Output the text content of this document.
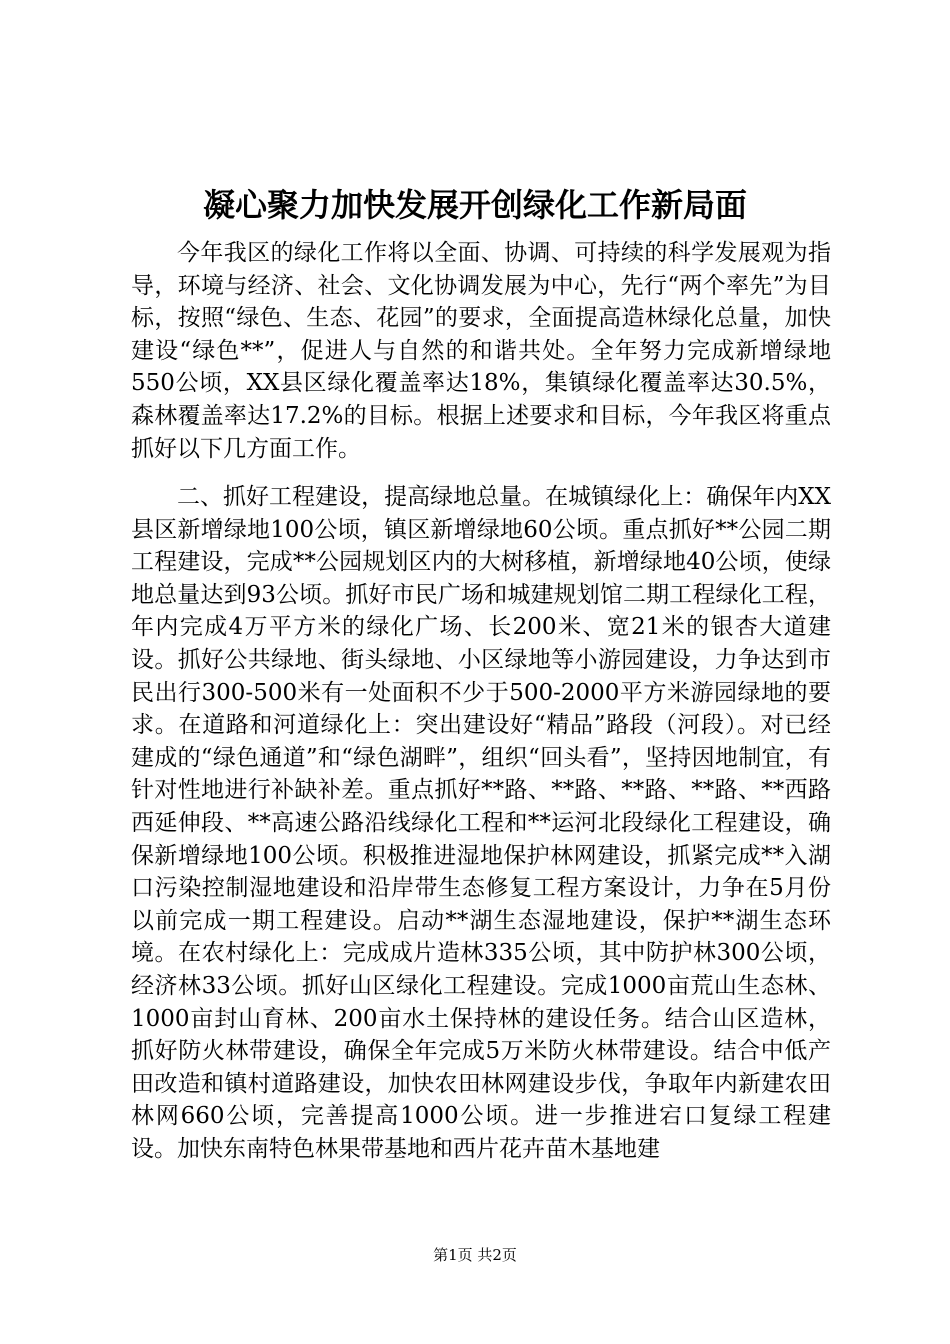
凝心聚力加快发展开创绿化工作新局面

今年我区的绿化工作将以全面、协调、可持续的科学发展观为指导，环境与经济、社会、文化协调发展为中心，先行“两个率先”为目标，按照“绿色、生态、花园”的要求，全面提高造林绿化总量，加快建设“绿色**”，促进人与自然的和谐共处。全年努力完成新增绿地550公顷，XX县区绿化覆盖率达18%，集镇绿化覆盖率达30.5%，森林覆盖率达17.2%的目标。根据上述要求和目标，今年我区将重点抓好以下几方面工作。

二、抓好工程建设，提高绿地总量。在城镇绿化上：确保年内XX县区新增绿地100公顷，镇区新增绿地60公顷。重点抓好**公园二期工程建设，完成**公园规划区内的大树移植，新增绿地40公顷，使绿地总量达到93公顷。抓好市民广场和城建规划馆二期工程绿化工程，年内完成4万平方米的绿化广场、长200米、宽21米的银杏大道建设。抓好公共绿地、街头绿地、小区绿地等小游园建设，力争达到市民出行300-500米有一处面积不少于500-2000平方米游园绿地的要求。在道路和河道绿化上：突出建设好“精品”路段（河段）。对已经建成的“绿色通道”和“绿色湖畔”，组织“回头看”，坚持因地制宜，有针对性地进行补缺补差。重点抓好**路、**路、**路、**路、**西路西延伸段、**高速公路沿线绿化工程和**运河北段绿化工程建设，确保新增绿地100公顷。积极推进湿地保护林网建设，抓紧完成**入湖口污染控制湿地建设和沿岸带生态修复工程方案设计，力争在5月份以前完成一期工程建设。启动**湖生态湿地建设，保护**湖生态环境。在农村绿化上：完成成片造林335公顷，其中防护林300公顷，经济林33公顷。抓好山区绿化工程建设。完成1000亩荒山生态林、1000亩封山育林、200亩水土保持林的建设任务。结合山区造林，抓好防火林带建设，确保全年完成5万米防火林带建设。结合中低产田改造和镇村道路建设，加快农田林网建设步伐，争取年内新建农田林网660公顷，完善提高1000公顷。进一步推进宕口复绿工程建设。加快东南特色林果带基地和西片花卉苗木基地建

第1页 共2页
